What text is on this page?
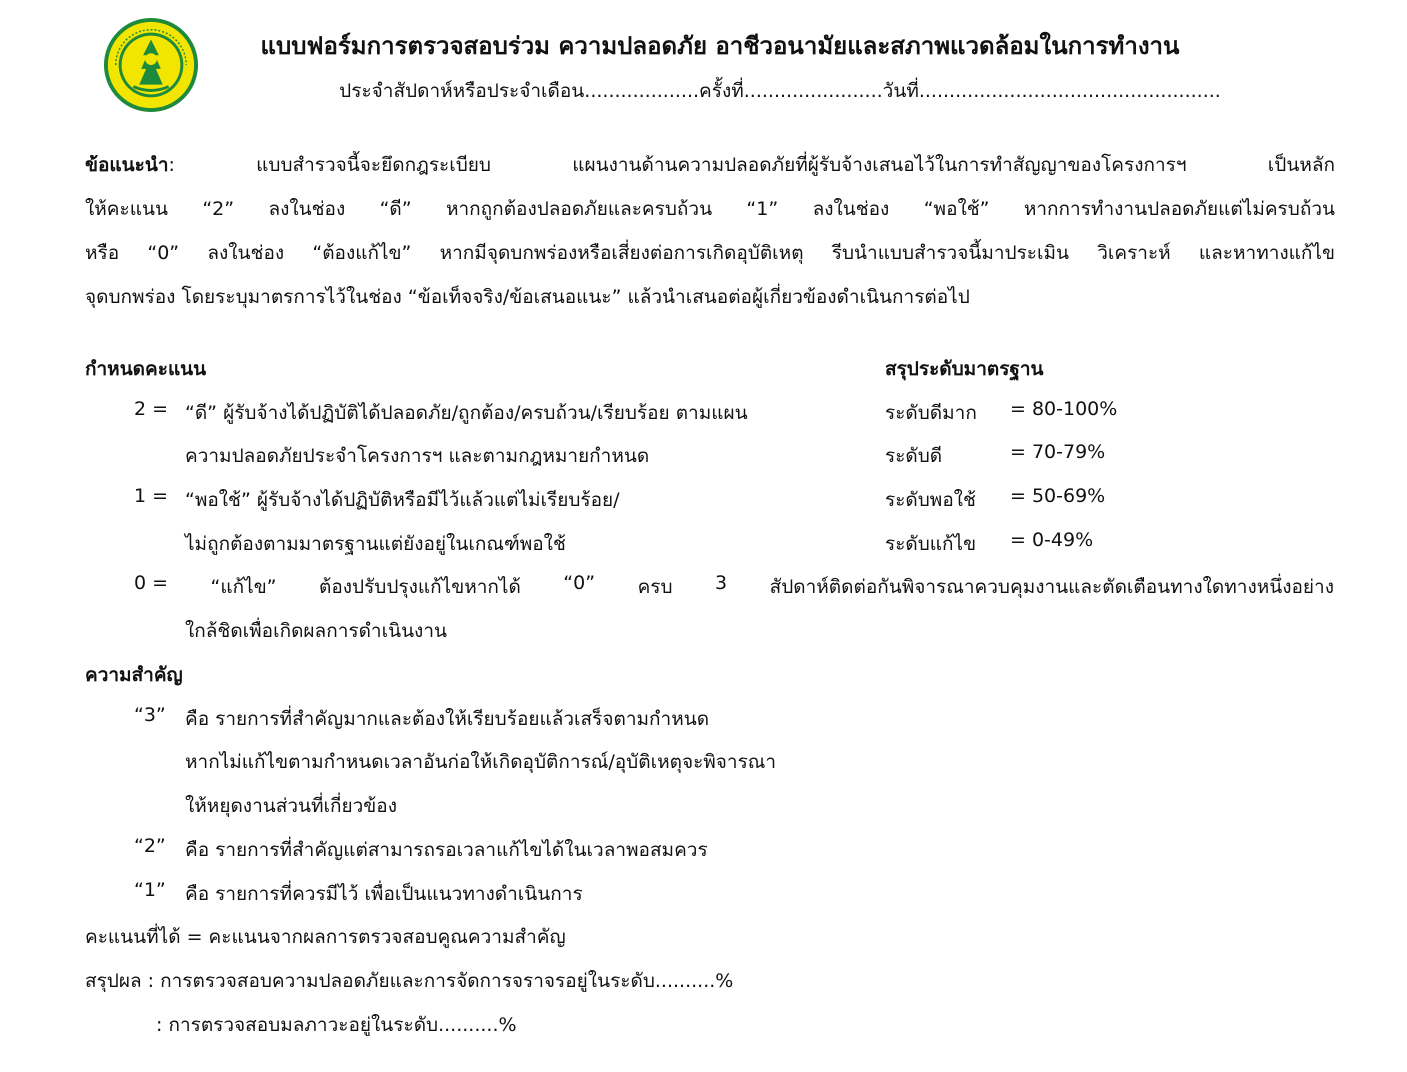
แบบฟอร์มการตรวจสอบร่วม ความปลอดภัย อาชีวอนามัยและสภาพแวดล้อมในการทำงาน
ประจำสัปดาห์หรือประจำเดือน...................ครั้งที่.......................วันที่..................................................
ข้อแนะนำ:	แบบสำรวจนี้จะยึดกฎระเบียบ	แผนงานด้านความปลอดภัยที่ผู้รับจ้างเสนอไว้ในการทำสัญญาของโครงการฯ	เป็นหลัก
ให้คะแนน “2” ลงในช่อง “ดี” หากถูกต้องปลอดภัยและครบถ้วน “1” ลงในช่อง “พอใช้” หากการทำงานปลอดภัยแต่ไม่ครบถ้วน
หรือ “0” ลงในช่อง “ต้องแก้ไข” หากมีจุดบกพร่องหรือเสี่ยงต่อการเกิดอุบัติเหตุ รีบนำแบบสำรวจนี้มาประเมิน วิเคราะห์ และหาทางแก้ไข
จุดบกพร่อง โดยระบุมาตรการไว้ในช่อง “ข้อเท็จจริง/ข้อเสนอแนะ” แล้วนำเสนอต่อผู้เกี่ยวข้องดำเนินการต่อไป
กำหนดคะแนน	สรุประดับมาตรฐาน
2 = “ดี” ผู้รับจ้างได้ปฏิบัติได้ปลอดภัย/ถูกต้อง/ครบถ้วน/เรียบร้อย ตามแผน
ความปลอดภัยประจำโครงการฯ และตามกฎหมายกำหนด
1 = “พอใช้” ผู้รับจ้างได้ปฏิบัติหรือมีไว้แล้วแต่ไม่เรียบร้อย/
ไม่ถูกต้องตามมาตรฐานแต่ยังอยู่ในเกณฑ์พอใช้
ระดับดีมาก = 80-100%
ระดับดี	= 70-79%
ระดับพอใช้ = 50-69%
ระดับแก้ไข = 0-49%
0 = “แก้ไข” ต้องปรับปรุงแก้ไขหากได้ “0” ครบ 3 สัปดาห์ติดต่อกันพิจารณาควบคุมงานและตัดเตือนทางใดทางหนึ่งอย่าง
ใกล้ชิดเพื่อเกิดผลการดำเนินงาน
ความสำคัญ
“3” คือ รายการที่สำคัญมากและต้องให้เรียบร้อยแล้วเสร็จตามกำหนด
หากไม่แก้ไขตามกำหนดเวลาอันก่อให้เกิดอุบัติการณ์/อุบัติเหตุจะพิจารณา
ให้หยุดงานส่วนที่เกี่ยวข้อง
“2” คือ รายการที่สำคัญแต่สามารถรอเวลาแก้ไขได้ในเวลาพอสมควร
“1” คือ รายการที่ควรมีไว้ เพื่อเป็นแนวทางดำเนินการ
คะแนนที่ได้ = คะแนนจากผลการตรวจสอบคูณความสำคัญ
สรุปผล : การตรวจสอบความปลอดภัยและการจัดการจราจรอยู่ในระดับ..........%
: การตรวจสอบมลภาวะอยู่ในระดับ..........%
